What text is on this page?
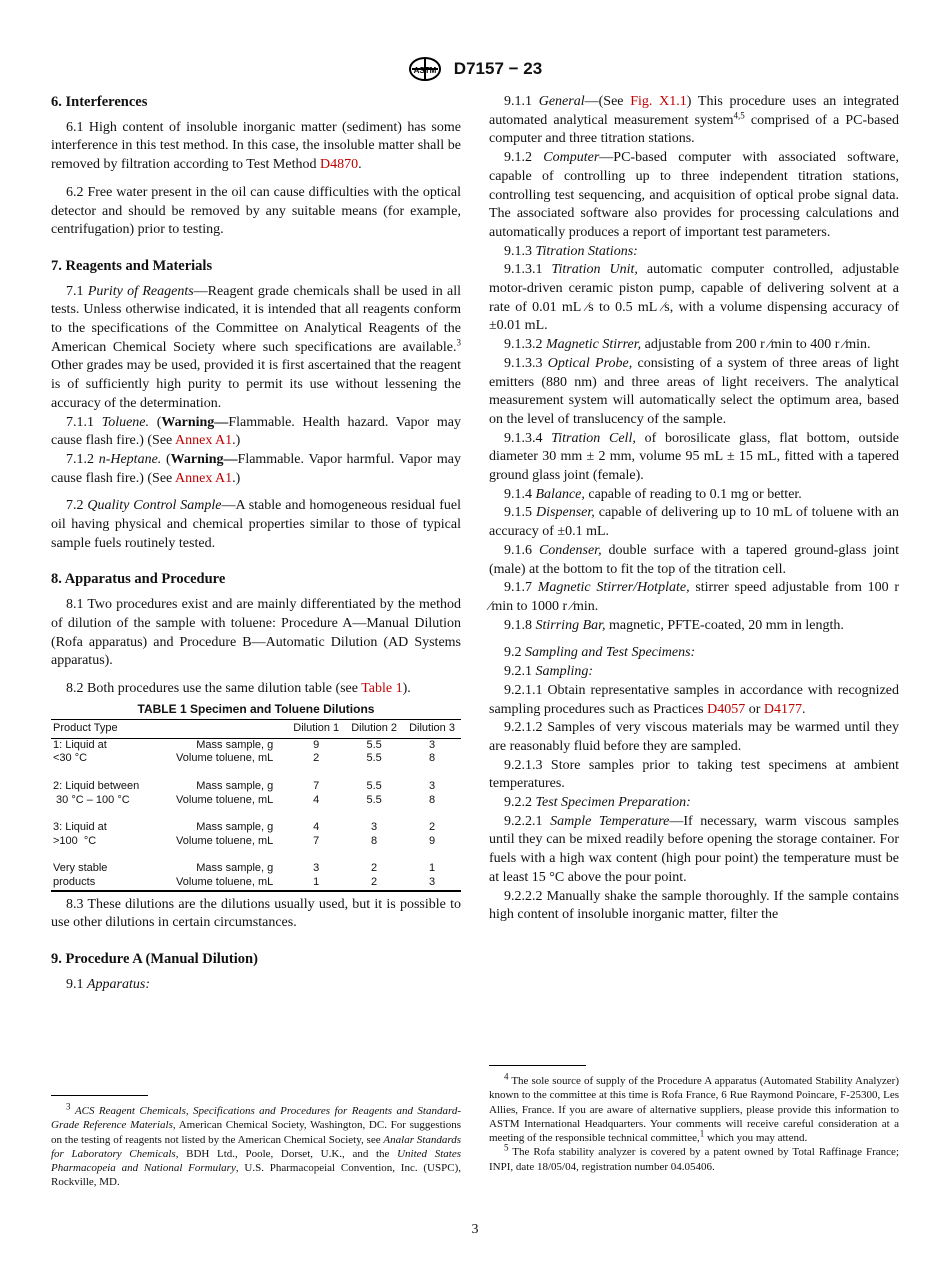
ASTM D7157 − 23
6. Interferences

6.1 High content of insoluble inorganic matter (sediment) has some interference in this test method. In this case, the insoluble matter shall be removed by filtration according to Test Method D4870.

6.2 Free water present in the oil can cause difficulties with the optical detector and should be removed by any suitable means (for example, centrifugation) prior to testing.

7. Reagents and Materials

7.1 Purity of Reagents—Reagent grade chemicals shall be used in all tests. Unless otherwise indicated, it is intended that all reagents conform to the specifications of the Committee on Analytical Reagents of the American Chemical Society where such specifications are available.$^3$ Other grades may be used, provided it is first ascertained that the reagent is of sufficiently high purity to permit its use without lessening the accuracy of the determination.

7.1.1 Toluene. (Warning—Flammable. Health hazard. Vapor may cause flash fire.) (See Annex A1.)

7.1.2 n-Heptane. (Warning—Flammable. Vapor harmful. Vapor may cause flash fire.) (See Annex A1.)

7.2 Quality Control Sample—A stable and homogeneous residual fuel oil having physical and chemical properties similar to those of typical sample fuels routinely tested.

8. Apparatus and Procedure

8.1 Two procedures exist and are mainly differentiated by the method of dilution of the sample with toluene: Procedure A—Manual Dilution (Rofa apparatus) and Procedure B—Automatic Dilution (AD Systems apparatus).

8.2 Both procedures use the same dilution table (see Table 1).

TABLE 1 Specimen and Toluene Dilutions
Product Type		Dilution 1	Dilution 2	Dilution 3
1: Liquid at	Mass sample, g	9	5.5	3
<30 °C	Volume toluene, mL	2	5.5	8
2: Liquid between	Mass sample, g	7	5.5	3
30 °C – 100 °C	Volume toluene, mL	4	5.5	8
3: Liquid at	Mass sample, g	4	3	2
>100  °C	Volume toluene, mL	7	8	9
Very stable	Mass sample, g	3	2	1
products	Volume toluene, mL	1	2	3

8.3 These dilutions are the dilutions usually used, but it is possible to use other dilutions in certain circumstances.

9. Procedure A (Manual Dilution)

9.1 Apparatus:

9.1.1 General—(See Fig. X1.1) This procedure uses an integrated automated analytical measurement system$^{4,5}$ comprised of a PC-based computer and three titration stations.

9.1.2 Computer—PC-based computer with associated software, capable of controlling up to three independent titration stations, controlling test sequencing, and acquisition of optical probe signal data. The associated software also provides for processing calculations and automatically produces a report of important test parameters.

9.1.3 Titration Stations:

9.1.3.1 Titration Unit, automatic computer controlled, adjustable motor-driven ceramic piston pump, capable of delivering solvent at a rate of 0.01 mL ⁄s to 0.5 mL ⁄s, with a volume dispensing accuracy of ±0.01 mL.

9.1.3.2 Magnetic Stirrer, adjustable from 200 r ⁄min to 400 r ⁄min.

9.1.3.3 Optical Probe, consisting of a system of three areas of light emitters (880 nm) and three areas of light receivers. The analytical measurement system will automatically select the optimum area, based on the level of translucency of the sample.

9.1.3.4 Titration Cell, of borosilicate glass, flat bottom, outside diameter 30 mm ± 2 mm, volume 95 mL ± 15 mL, fitted with a tapered ground glass joint (female).

9.1.4 Balance, capable of reading to 0.1 mg or better.

9.1.5 Dispenser, capable of delivering up to 10 mL of toluene with an accuracy of ±0.1 mL.

9.1.6 Condenser, double surface with a tapered ground-glass joint (male) at the bottom to fit the top of the titration cell.

9.1.7 Magnetic Stirrer/Hotplate, stirrer speed adjustable from 100 r ⁄min to 1000 r ⁄min.

9.1.8 Stirring Bar, magnetic, PFTE-coated, 20 mm in length.

9.2 Sampling and Test Specimens:

9.2.1 Sampling:

9.2.1.1 Obtain representative samples in accordance with recognized sampling procedures such as Practices D4057 or D4177.

9.2.1.2 Samples of very viscous materials may be warmed until they are reasonably fluid before they are sampled.

9.2.1.3 Store samples prior to taking test specimens at ambient temperatures.

9.2.2 Test Specimen Preparation:

9.2.2.1 Sample Temperature—If necessary, warm viscous samples until they can be mixed readily before opening the storage container. For fuels with a high wax content (high pour point) the temperature must be at least 15 °C above the pour point.

9.2.2.2 Manually shake the sample thoroughly. If the sample contains high content of insoluble inorganic matter, filter the

$^3$ ACS Reagent Chemicals, Specifications and Procedures for Reagents and Standard-Grade Reference Materials, American Chemical Society, Washington, DC. For suggestions on the testing of reagents not listed by the American Chemical Society, see Analar Standards for Laboratory Chemicals, BDH Ltd., Poole, Dorset, U.K., and the United States Pharmacopeia and National Formulary, U.S. Pharmacopeial Convention, Inc. (USPC), Rockville, MD.

$^4$ The sole source of supply of the Procedure A apparatus (Automated Stability Analyzer) known to the committee at this time is Rofa France, 6 Rue Raymond Poincare, F-25300, Les Allies, France. If you are aware of alternative suppliers, please provide this information to ASTM International Headquarters. Your comments will receive careful consideration at a meeting of the responsible technical committee,$^1$ which you may attend.

$^5$ The Rofa stability analyzer is covered by a patent owned by Total Raffinage France; INPI, date 18/05/04, registration number 04.05406.

3
